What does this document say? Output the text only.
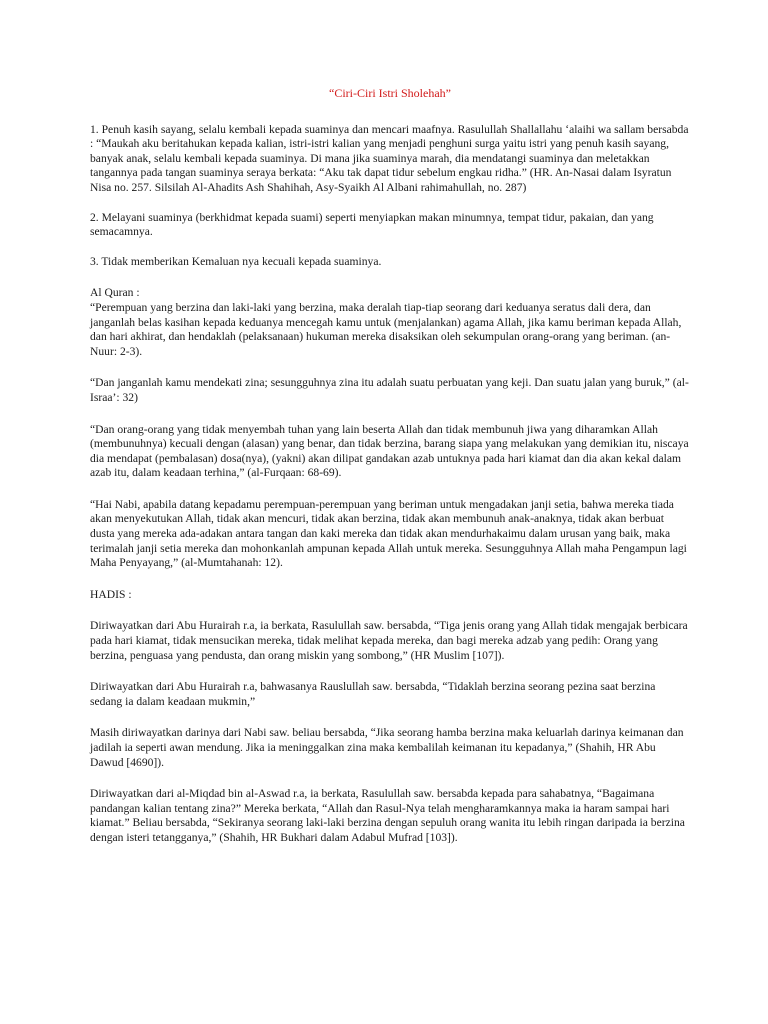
“Ciri-Ciri Istri Sholehah”

1. Penuh kasih sayang, selalu kembali kepada suaminya dan mencari maafnya. Rasulullah Shallallahu ‘alaihi wa sallam bersabda : “Maukah aku beritahukan kepada kalian, istri-istri kalian yang menjadi penghuni surga yaitu istri yang penuh kasih sayang, banyak anak, selalu kembali kepada suaminya. Di mana jika suaminya marah, dia mendatangi suaminya dan meletakkan tangannya pada tangan suaminya seraya berkata: “Aku tak dapat tidur sebelum engkau ridha.” (HR. An-Nasai dalam Isyratun Nisa no. 257. Silsilah Al-Ahadits Ash Shahihah, Asy-Syaikh Al Albani rahimahullah, no. 287)

2. Melayani suaminya (berkhidmat kepada suami) seperti menyiapkan makan minumnya, tempat tidur, pakaian, dan yang semacamnya.

3. Tidak memberikan Kemaluan nya kecuali kepada suaminya.

Al Quran :

“Perempuan yang berzina dan laki-laki yang berzina, maka deralah tiap-tiap seorang dari keduanya seratus dali dera, dan janganlah belas kasihan kepada keduanya mencegah kamu untuk (menjalankan) agama Allah, jika kamu beriman kepada Allah, dan hari akhirat, dan hendaklah (pelaksanaan) hukuman mereka disaksikan oleh sekumpulan orang-orang yang beriman. (an-Nuur: 2-3).

“Dan janganlah kamu mendekati zina; sesungguhnya zina itu adalah suatu perbuatan yang keji. Dan suatu jalan yang buruk,” (al-Israa’: 32)

“Dan orang-orang yang tidak menyembah tuhan yang lain beserta Allah dan tidak membunuh jiwa yang diharamkan Allah (membunuhnya) kecuali dengan (alasan) yang benar, dan tidak berzina, barang siapa yang melakukan yang demikian itu, niscaya dia mendapat (pembalasan) dosa(nya), (yakni) akan dilipat gandakan azab untuknya pada hari kiamat dan dia akan kekal dalam azab itu, dalam keadaan terhina,” (al-Furqaan: 68-69).

“Hai Nabi, apabila datang kepadamu perempuan-perempuan yang beriman untuk mengadakan janji setia, bahwa mereka tiada akan menyekutukan Allah, tidak akan mencuri, tidak akan berzina, tidak akan membunuh anak-anaknya, tidak akan berbuat dusta yang mereka ada-adakan antara tangan dan kaki mereka dan tidak akan mendurhakaimu dalam urusan yang baik, maka terimalah janji setia mereka dan mohonkanlah ampunan kepada Allah untuk mereka. Sesungguhnya Allah maha Pengampun lagi Maha Penyayang,” (al-Mumtahanah: 12).

HADIS :

Diriwayatkan dari Abu Hurairah r.a, ia berkata, Rasulullah saw. bersabda, “Tiga jenis orang yang Allah tidak mengajak berbicara pada hari kiamat, tidak mensucikan mereka, tidak melihat kepada mereka, dan bagi mereka adzab yang pedih: Orang yang berzina, penguasa yang pendusta, dan orang miskin yang sombong,” (HR Muslim [107]).

Diriwayatkan dari Abu Hurairah r.a, bahwasanya Rauslullah saw. bersabda, “Tidaklah berzina seorang pezina saat berzina sedang ia dalam keadaan mukmin,”

Masih diriwayatkan darinya dari Nabi saw. beliau bersabda, “Jika seorang hamba berzina maka keluarlah darinya keimanan dan jadilah ia seperti awan mendung. Jika ia meninggalkan zina maka kembalilah keimanan itu kepadanya,” (Shahih, HR Abu Dawud [4690]).

Diriwayatkan dari al-Miqdad bin al-Aswad r.a, ia berkata, Rasulullah saw. bersabda kepada para sahabatnya, “Bagaimana pandangan kalian tentang zina?” Mereka berkata, “Allah dan Rasul-Nya telah mengharamkannya maka ia haram sampai hari kiamat.” Beliau bersabda, “Sekiranya seorang laki-laki berzina dengan sepuluh orang wanita itu lebih ringan daripada ia berzina dengan isteri tetangganya,” (Shahih, HR Bukhari dalam Adabul Mufrad [103]).
